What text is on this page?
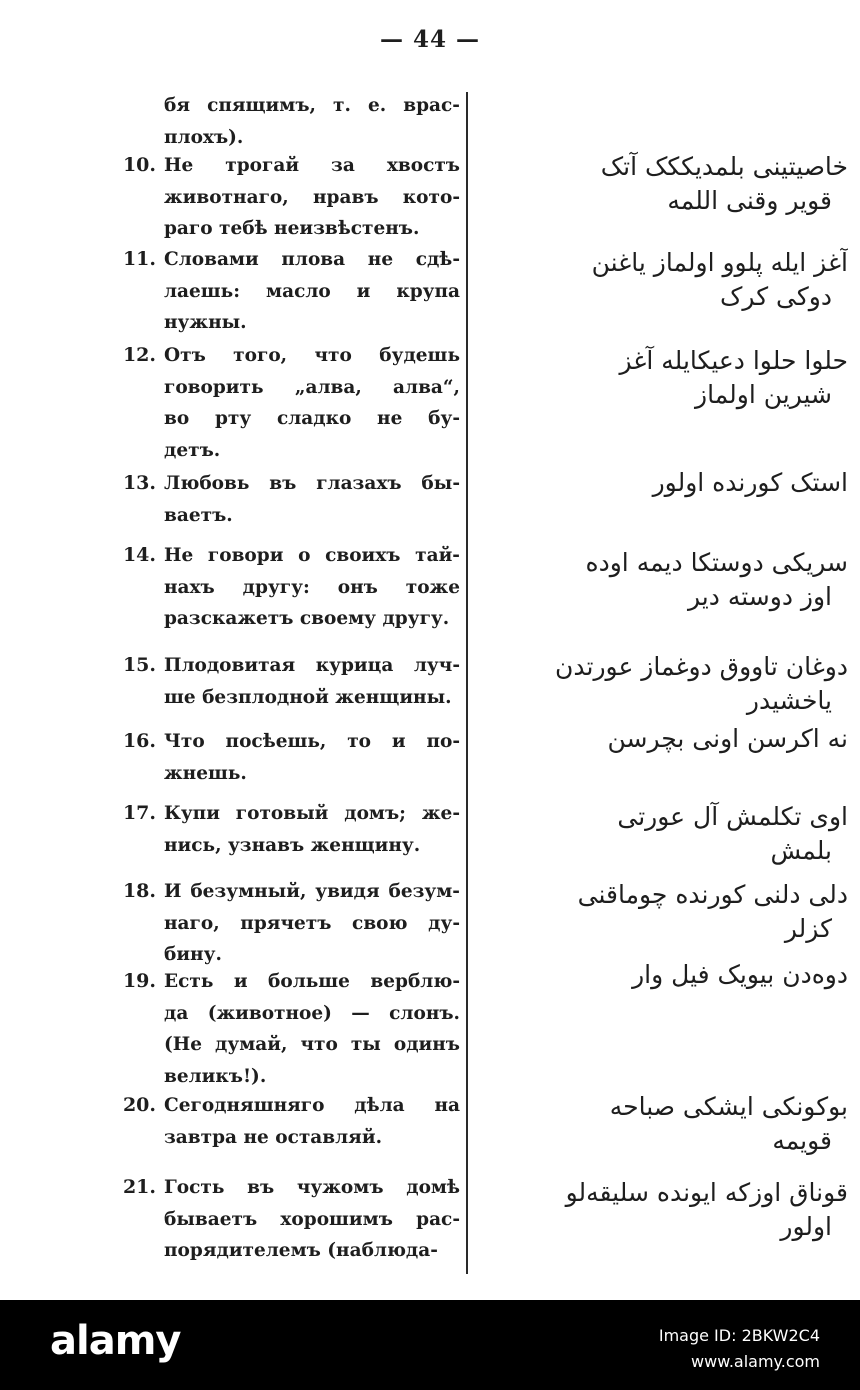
— 44 —
бя спящимъ, т. е. врас-
плохъ).
10. Не трогай за хвостъ
животнаго, нравъ кото-
раго тебѣ неизвѣстенъ.
خاصیتینی بلمدیککک آتک
قویر وقنی اللمه
11. Словами плова не сдѣ-
лаешь: масло и крупа
нужны.
آغز ایله پلوو اولماز یاغنن
دوکی کرک
12. Отъ того, что будешь
говорить „алва, алва“,
во рту сладко не бу-
детъ.
حلوا حلوا دعیکایله آغز
شیرین اولماز
13. Любовь въ глазахъ бы-
ваетъ.
استک کورنده اولور
14. Не говори о своихъ тай-
нахъ другу: онъ тоже
разскажетъ своему другу.
سریکی دوستکا دیمه اوده
اوز دوسته دیر
15. Плодовитая курица луч-
ше безплодной женщины.
دوغان تاووق دوغماز عورتدن
یاخشیدر
16. Что посѣешь, то и по-
жнешь.
نه اکرسن اونی بچرسن
17. Купи готовый домъ; же-
нись, узнавъ женщину.
اوی تکلمش آل عورتی
بلمش
18. И безумный, увидя безум-
наго, прячетъ свою ду-
бину.
دلی دلنی کورنده چوماقنی
کزلر
19. Есть и больше верблю-
да (животное) — слонъ.
(Не думай, что ты одинъ
великъ!).
دوه‌دن بیویک فیل وار
20. Сегодняшняго дѣла на
завтра не оставляй.
بوکونکی ایشکی صباحه
قویمه
21. Гость въ чужомъ домѣ
бываетъ хорошимъ рас-
порядителемъ (наблюда-
قوناق اوزکه ایونده سلیقه‌لو
اولور
alamy	Image ID: 2BKW2C4
www.alamy.com
